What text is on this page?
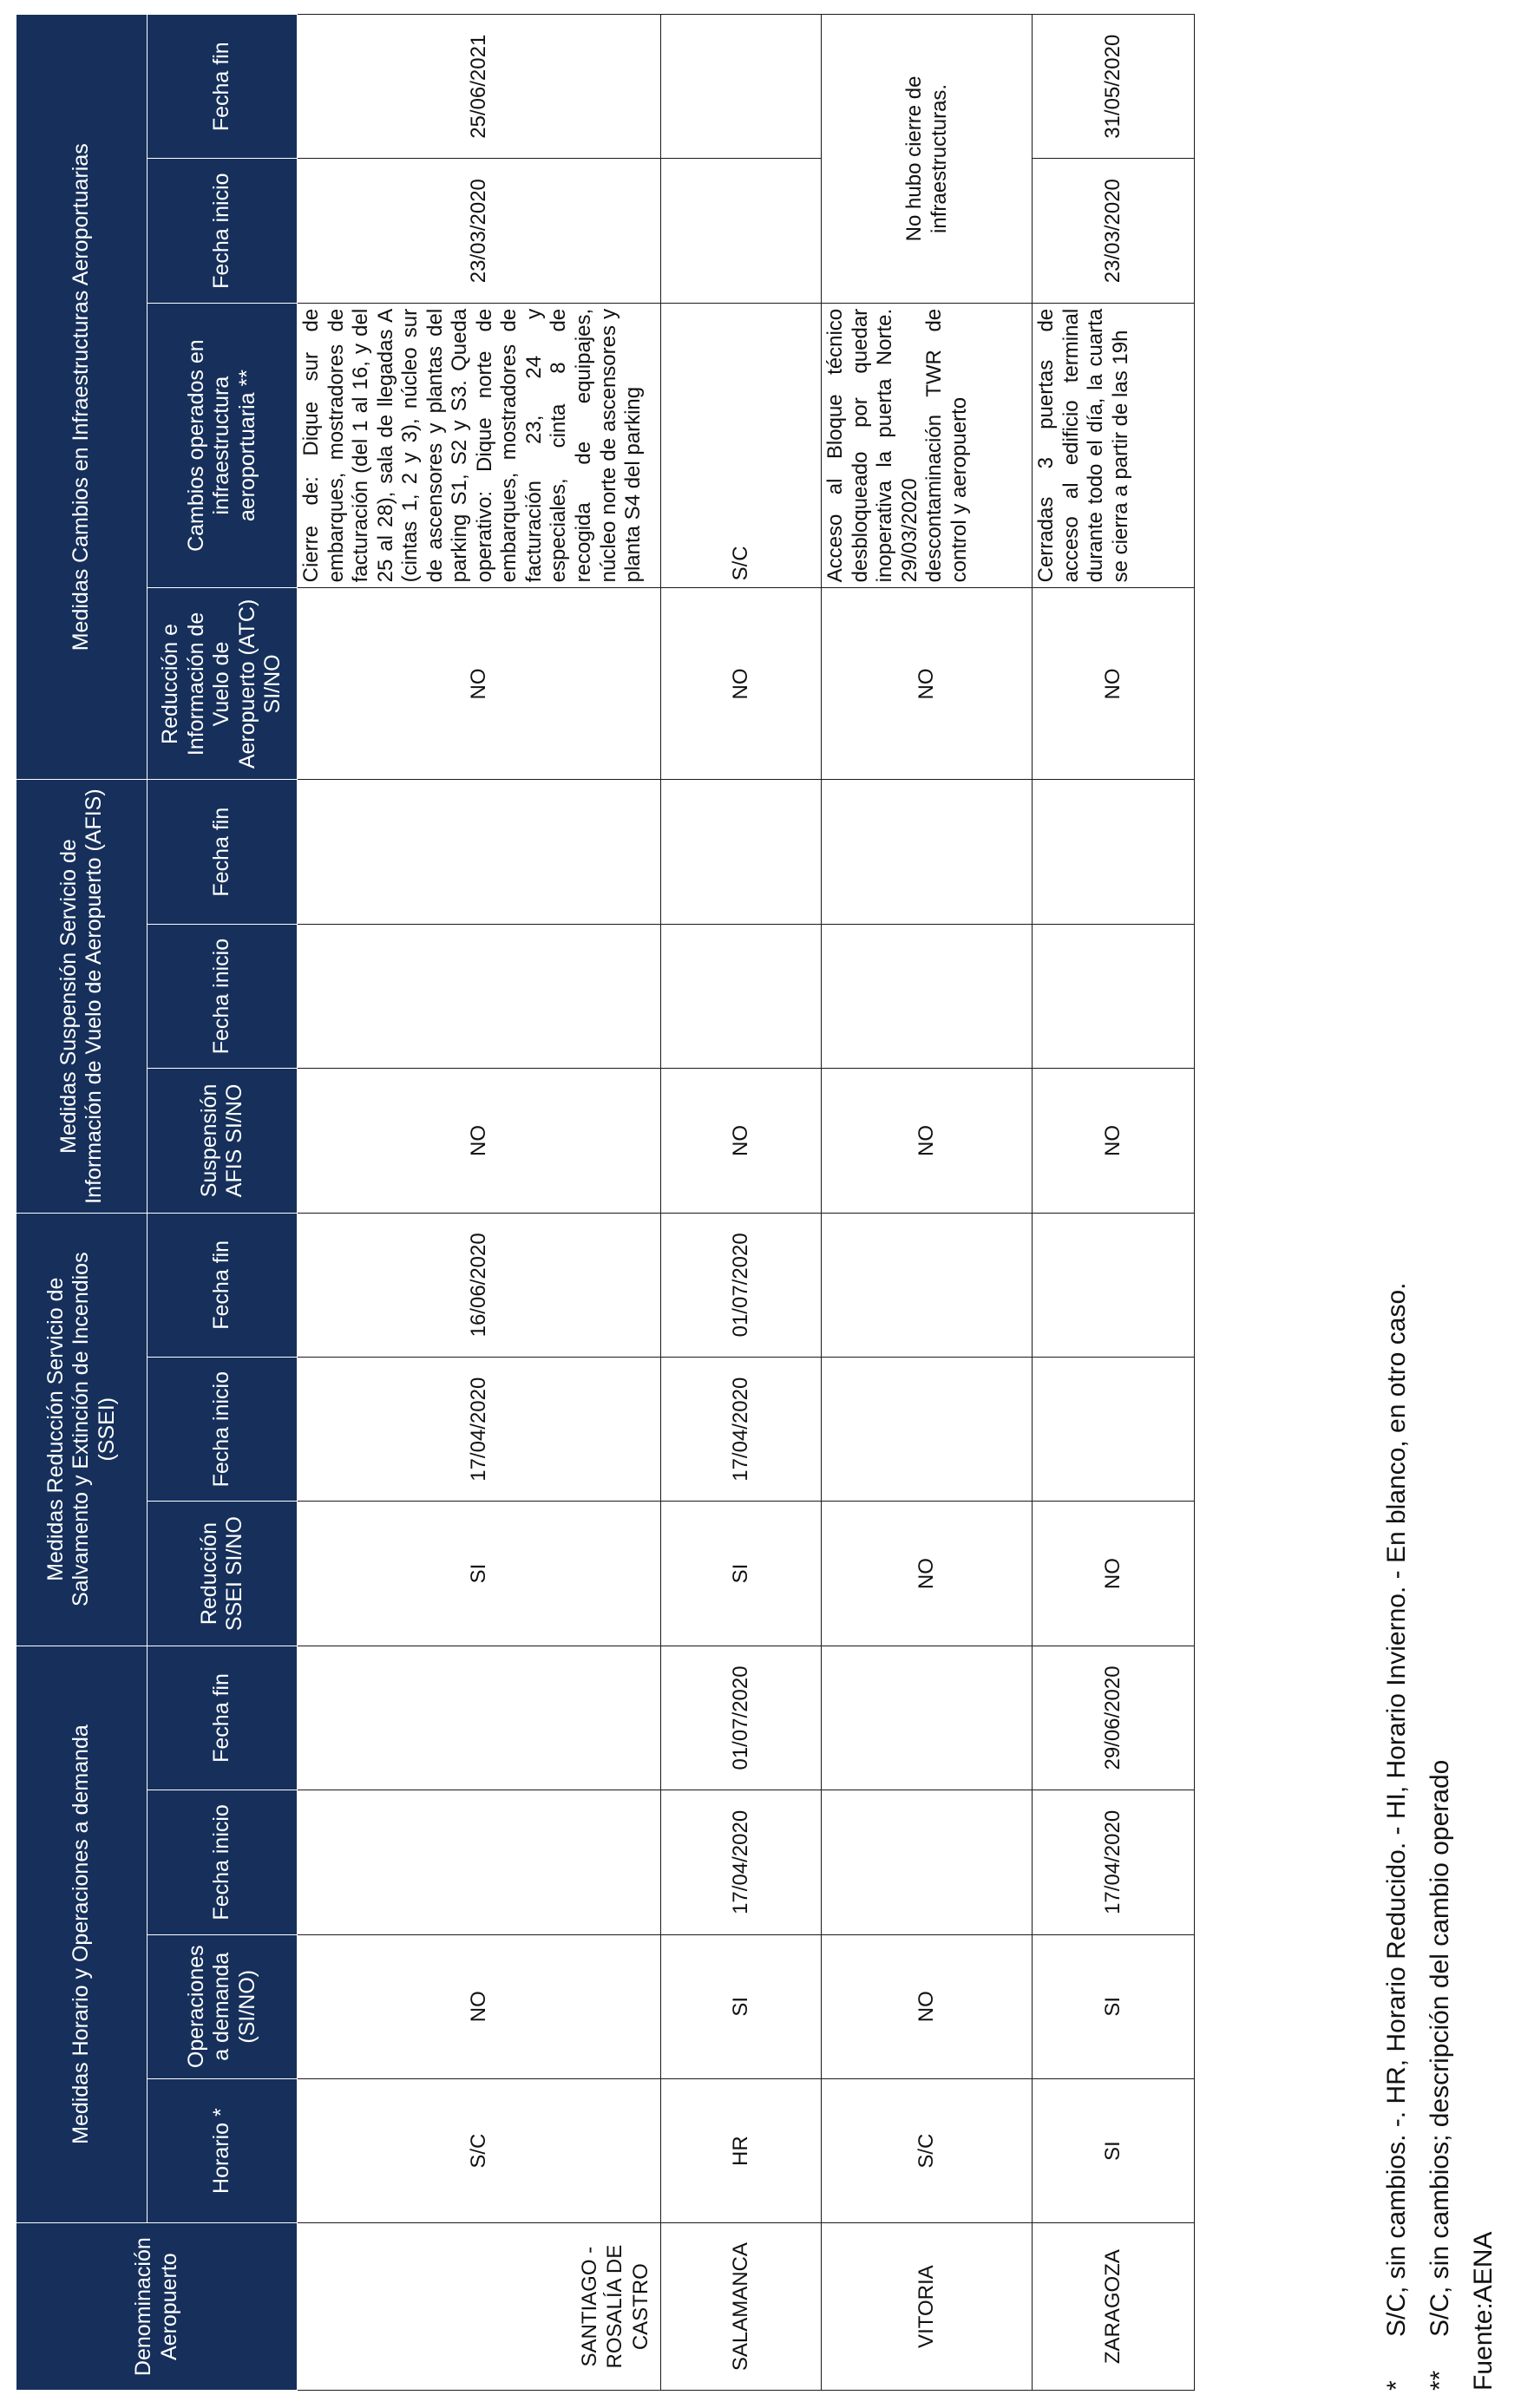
Denominación Aeropuerto	Medidas Horario y Operaciones a demanda				Medidas Reducción Servicio de Salvamento y Extinción de Incendios (SSEI)			Medidas Suspensión Servicio de Información de Vuelo de Aeropuerto (AFIS)			Medidas Cambios en Infraestructuras Aeroportuarias			
	Horario *	Operaciones a demanda (SI/NO)	Fecha inicio	Fecha fin	Reducción SSEI SI/NO	Fecha inicio	Fecha fin	Suspensión AFIS SI/NO	Fecha inicio	Fecha fin	Reducción e Información de Vuelo de Aeropuerto (ATC) SI/NO	Cambios operados en infraestructura aeroportuaria **	Fecha inicio	Fecha fin
SANTIAGO - ROSALÍA DE CASTRO	S/C	NO			SI	17/04/2020	16/06/2020	NO			NO	Cierre de: Dique sur de embarques, mostradores de facturación (del 1 al 16, y del 25 al 28), sala de llegadas A (cintas 1, 2 y 3), núcleo sur de ascensores y plantas del parking S1, S2 y S3. Queda operativo: Dique norte de embarques, mostradores de facturación 23, 24 y especiales, cinta 8 de recogida de equipajes, núcleo norte de ascensores y planta S4 del parking	23/03/2020	25/06/2021
SALAMANCA	HR	SI	17/04/2020	01/07/2020	SI	17/04/2020	01/07/2020	NO			NO	S/C		
VITORIA	S/C	NO			NO			NO			NO	Acceso al Bloque técnico desbloqueado por quedar inoperativa la puerta Norte. 29/03/2020 descontaminación TWR de control y aeropuerto	No hubo cierre de infraestructuras.	
ZARAGOZA	SI	SI	17/04/2020	29/06/2020	NO			NO			NO	Cerradas 3 puertas de acceso al edificio terminal durante todo el día, la cuarta se cierra a partir de las 19h	23/03/2020	31/05/2020
*S/C, sin cambios. -. HR, Horario Reducido. - HI, Horario Invierno. - En blanco, en otro caso.
**S/C, sin cambios; descripción del cambio operado Fuente:AENA
